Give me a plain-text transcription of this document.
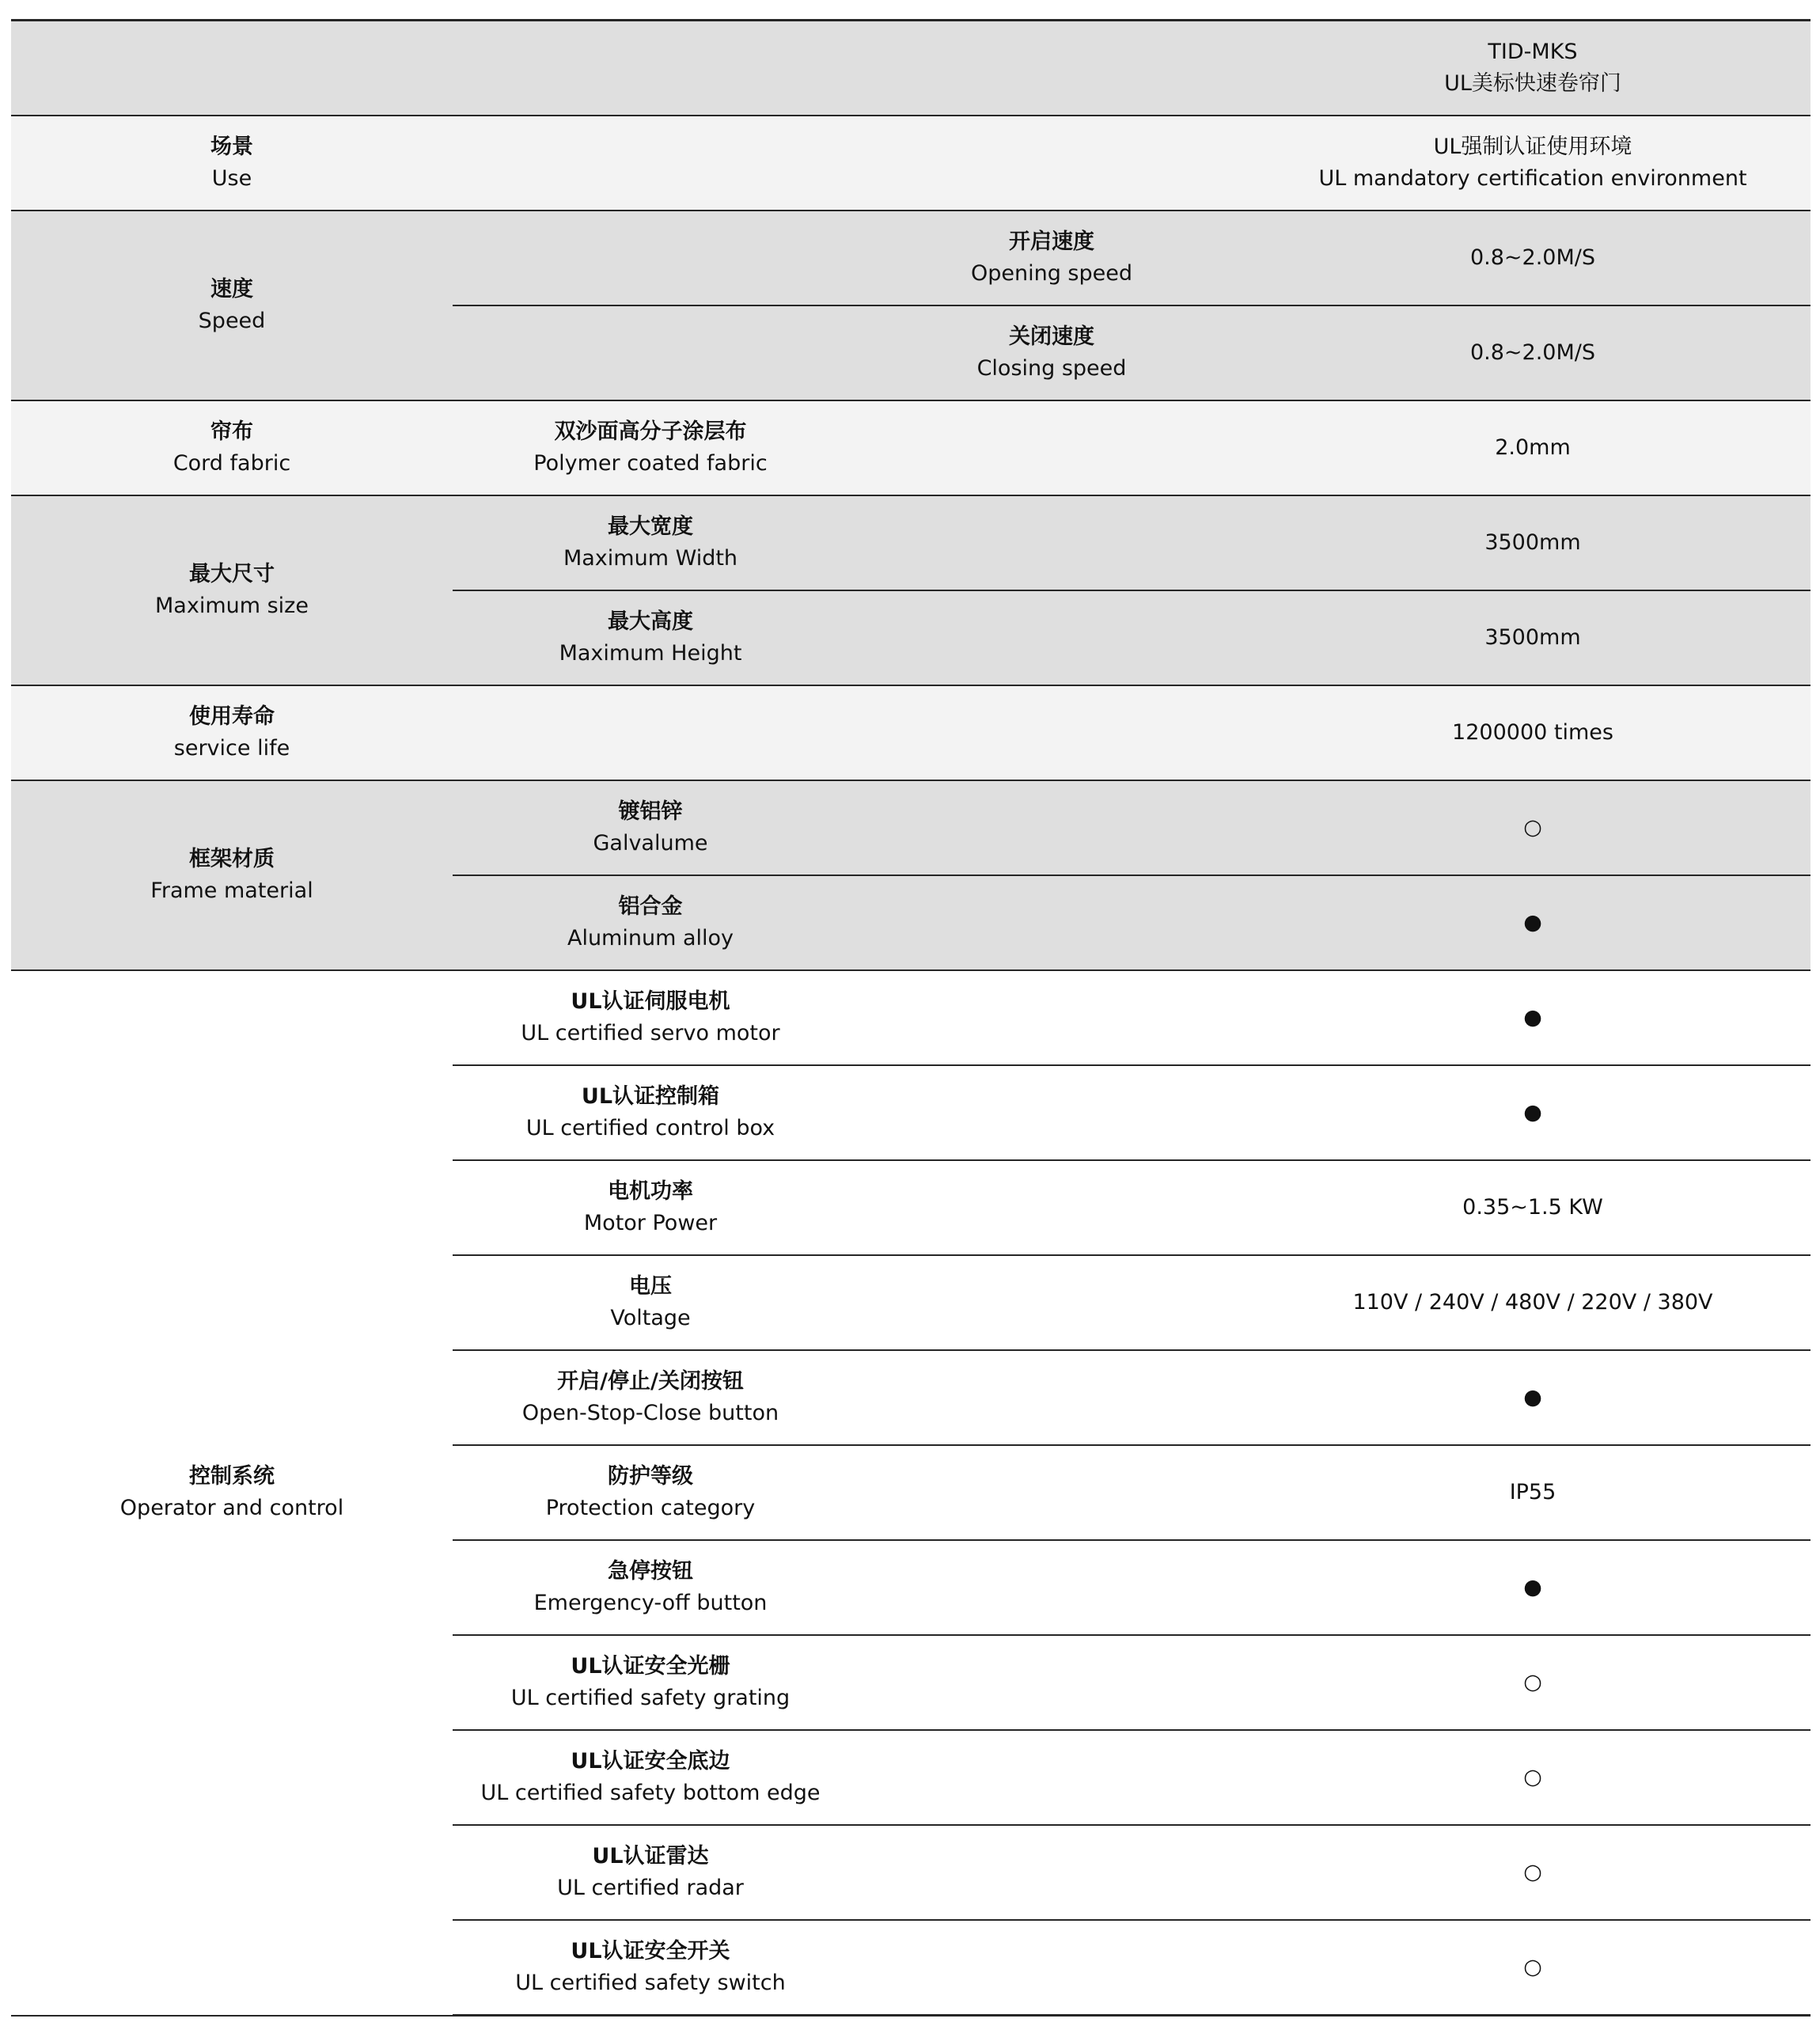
			TID-MKS
UL美标快速卷帘门

场景
Use			UL强制认证使用环境
UL mandatory certification environment

速度
Speed		开启速度
Opening speed	0.8~2.0M/S

		关闭速度
Closing speed	0.8~2.0M/S

帘布
Cord fabric	双沙面高分子涂层布
Polymer coated fabric		2.0mm

最大尺寸
Maximum size	最大宽度
Maximum Width		3500mm

	最大高度
Maximum Height		3500mm

使用寿命
service life			1200000 times

框架材质
Frame material	镀铝锌
Galvalume		○

	铝合金
Aluminum alloy		●

控制系统
Operator and control	UL认证伺服电机
UL certified servo motor		●

	UL认证控制箱
UL certified control box		●

	电机功率
Motor Power		0.35~1.5 KW

	电压
Voltage		110V / 240V / 480V / 220V / 380V

	开启/停止/关闭按钮
Open-Stop-Close button		●

	防护等级
Protection category		IP55

	急停按钮
Emergency-off button		●

	UL认证安全光栅
UL certified safety grating		○

	UL认证安全底边
UL certified safety bottom edge		○

	UL认证雷达
UL certified radar		○

	UL认证安全开关
UL certified safety switch		○
